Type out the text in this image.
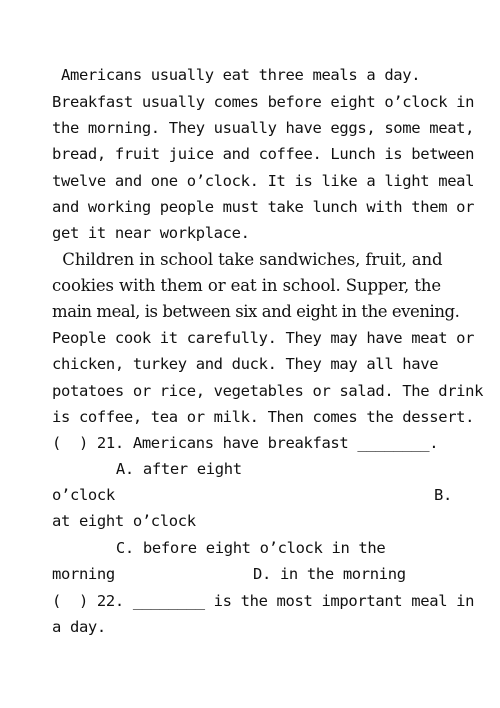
Americans usually eat three meals a day.
Breakfast usually comes before eight o’clock in
the morning. They usually have eggs, some meat,
bread, fruit juice and coffee. Lunch is between
twelve and one o’clock. It is like a light meal
and working people must take lunch with them or
get it near workplace.
Children in school take sandwiches, fruit, and
cookies with them or eat in school. Supper, the
main meal, is between six and eight in the evening.
People cook it carefully. They may have meat or
chicken, turkey and duck. They may all have
potatoes or rice, vegetables or salad. The drink
is coffee, tea or milk. Then comes the dessert.
(  ) 21. Americans have breakfast ________.
A. after eight
o’clock	B.
at eight o’clock
C. before eight o’clock in the
morning	D. in the morning
(  ) 22. ________ is the most important meal in
a day.
